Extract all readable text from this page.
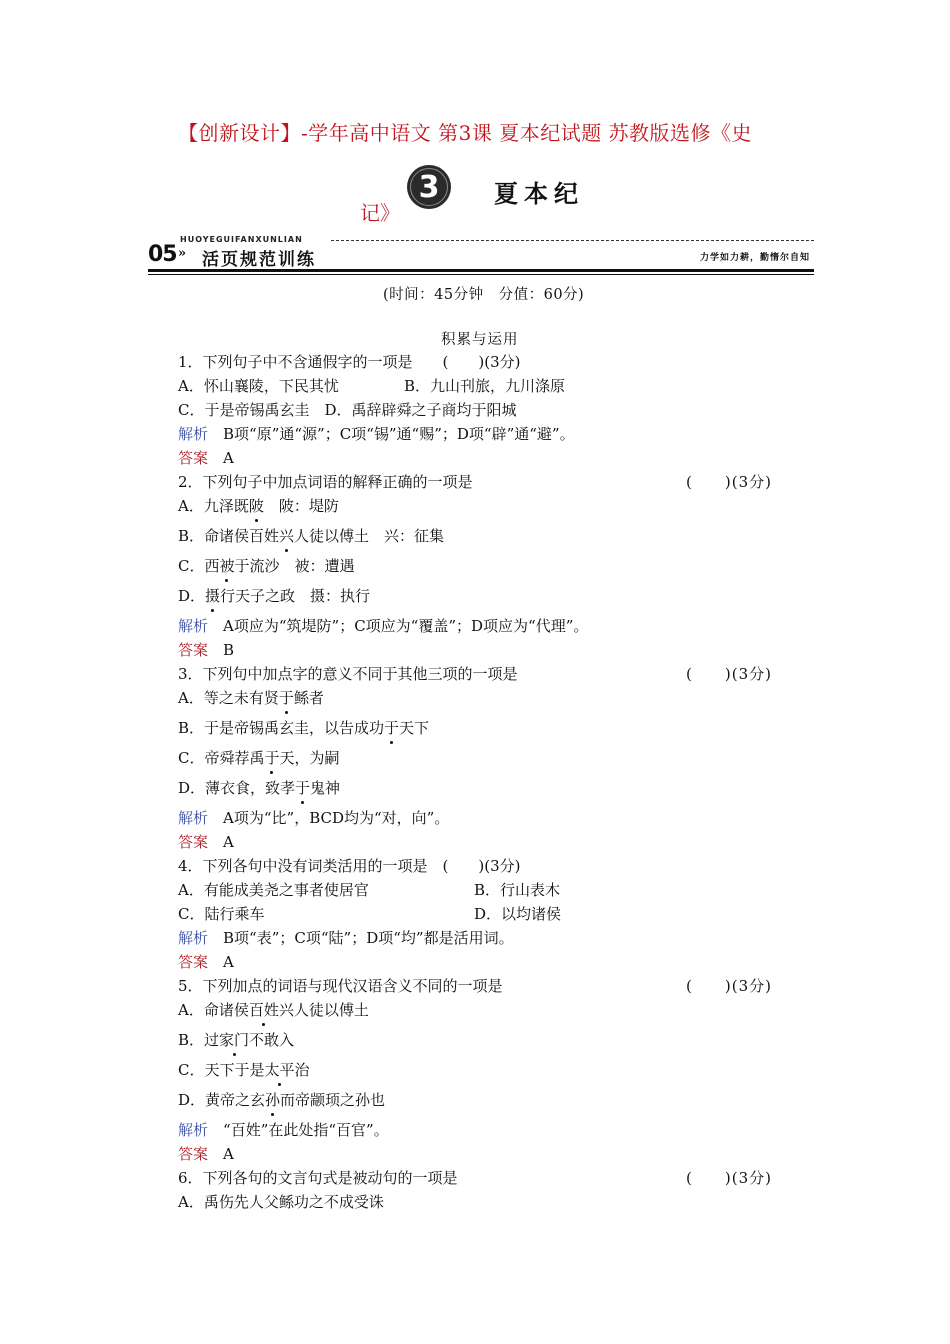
【创新设计】-学年高中语文 第3课 夏本纪试题 苏教版选修《史
记》
3 夏本纪
05
HUOYEGUIFANXUNLIAN
» 活页规范训练	力学如力耕，勤惰尔自知
(时间：45分钟　分值：60分)
积累与运用
1．下列句子中不含通假字的一项是　　(　　)(3分)
A．怀山襄陵，下民其忧	B．九山刊旅，九川涤原
C．于是帝锡禹玄圭　D．禹辞辟舜之子商均于阳城
解析　 B项“原”通“源”；C项“锡”通“赐”；D项“辟”通“避”。
答案　 A
2．下列句子中加点词语的解释正确的一项是	(　　)(3分)
A．九泽既陂　陂：堤防
B．命诸侯百姓兴人徒以傅土　兴：征集
C．西被于流沙　被：遭遇
D．摄行天子之政　摄：执行
解析　 A项应为“筑堤防”；C项应为“覆盖”；D项应为“代理”。
答案　 B
3．下列句中加点字的意义不同于其他三项的一项是	(　　)(3分)
A．等之未有贤于鲧者
B．于是帝锡禹玄圭，以告成功于天下
C．帝舜荐禹于天，为嗣
D．薄衣食，致孝于鬼神
解析　 A项为“比”，BCD均为“对，向”。
答案　 A
4．下列各句中没有词类活用的一项是　(　　)(3分)
A．有能成美尧之事者使居官	B．行山表木
C．陆行乘车	D．以均诸侯
解析　 B项“表”；C项“陆”；D项“均”都是活用词。
答案　 A
5．下列加点的词语与现代汉语含义不同的一项是	(　　)(3分)
A．命诸侯百姓兴人徒以傅土
B．过家门不敢入
C．天下于是太平治
D．黄帝之玄孙而帝颛顼之孙也
解析　 “百姓”在此处指“百官”。
答案　 A
6．下列各句的文言句式是被动句的一项是	(　　)(3分)
A．禹伤先人父鲧功之不成受诛
